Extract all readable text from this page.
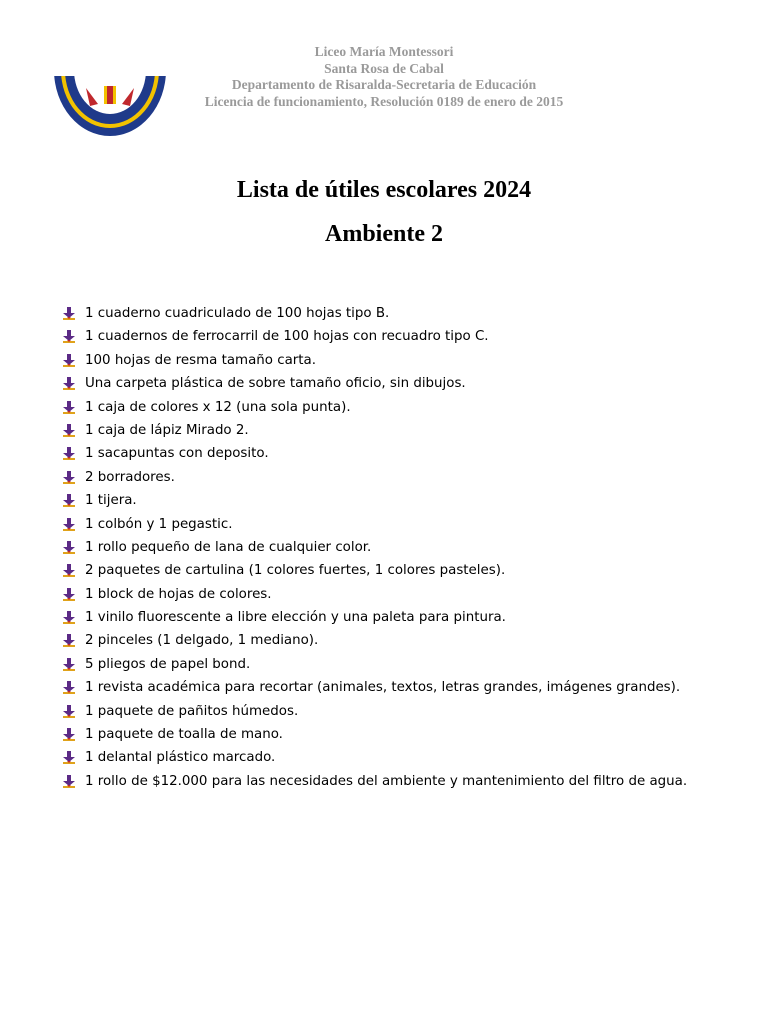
Liceo María Montessori
Santa Rosa de Cabal
Departamento de Risaralda-Secretaria de Educación
Licencia de funcionamiento, Resolución 0189 de enero de 2015
Lista de útiles escolares 2024
Ambiente 2
1 cuaderno cuadriculado de 100 hojas tipo B.
1 cuadernos de ferrocarril de 100 hojas con recuadro tipo C.
100 hojas de resma tamaño carta.
Una carpeta plástica de sobre tamaño oficio, sin dibujos.
1 caja de colores x 12 (una sola punta).
1 caja de lápiz Mirado 2.
1 sacapuntas con deposito.
2 borradores.
1 tijera.
1 colbón y 1 pegastic.
1 rollo pequeño de lana de cualquier color.
2 paquetes de cartulina (1 colores fuertes, 1 colores pasteles).
1 block de hojas de colores.
1 vinilo fluorescente a libre elección y una paleta para pintura.
2 pinceles (1 delgado, 1 mediano).
5 pliegos de papel bond.
1 revista académica para recortar (animales, textos, letras grandes, imágenes grandes).
1 paquete de pañitos húmedos.
1 paquete de toalla de mano.
1 delantal plástico marcado.
1 rollo de $12.000 para las necesidades del ambiente y mantenimiento del filtro de agua.
